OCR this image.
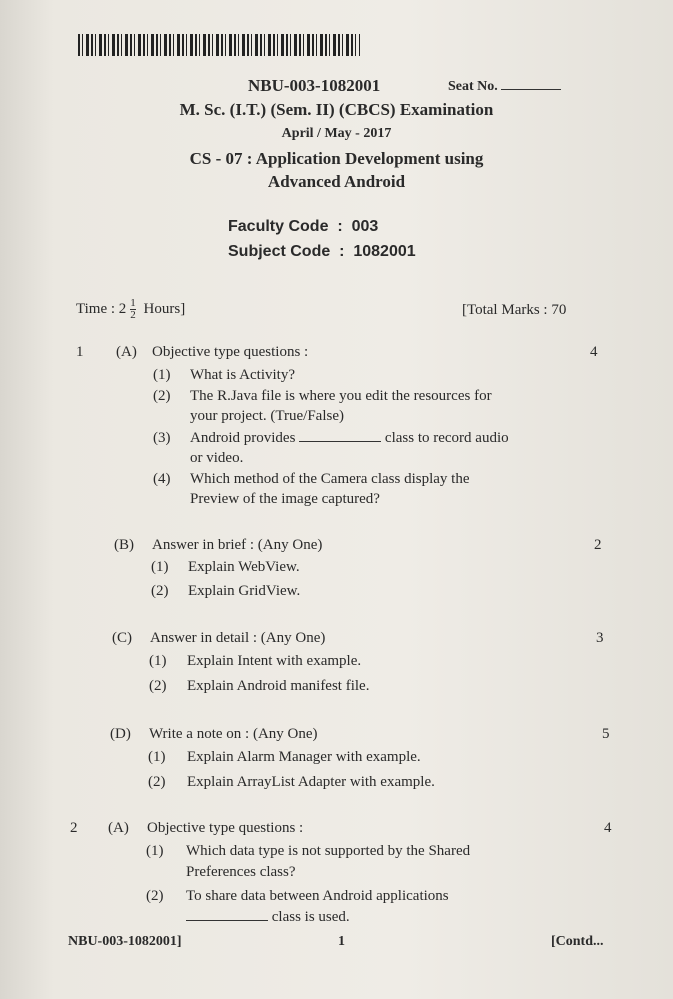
NBU-003-1082001	Seat No.
M. Sc. (I.T.) (Sem. II) (CBCS) Examination
April / May - 2017
CS - 07 : Application Development using
Advanced Android
Faculty Code  :  003
Subject Code  :  1082001
Time : $2 \frac{1}{2}$ Hours]	[Total Marks : 70
1 (A) Objective type questions :	4
(1) What is Activity?
(2) The R.Java file is where you edit the resources for
your project. (True/False)
(3) Android provides	class to record audio
or video.
(4) Which method of the Camera class display the
Preview of the image captured?
(B) Answer in brief : (Any One)	2
(1) Explain WebView.
(2) Explain GridView.
(C) Answer in detail : (Any One)	3
(1) Explain Intent with example.
(2) Explain Android manifest file.
(D) Write a note on : (Any One)	5
(1) Explain Alarm Manager with example.
(2) Explain ArrayList Adapter with example.
2 (A) Objective type questions :	4
(1) Which data type is not supported by the Shared
Preferences class?
(2) To share data between Android applications
class is used.
NBU-003-1082001]	1	[Contd...
